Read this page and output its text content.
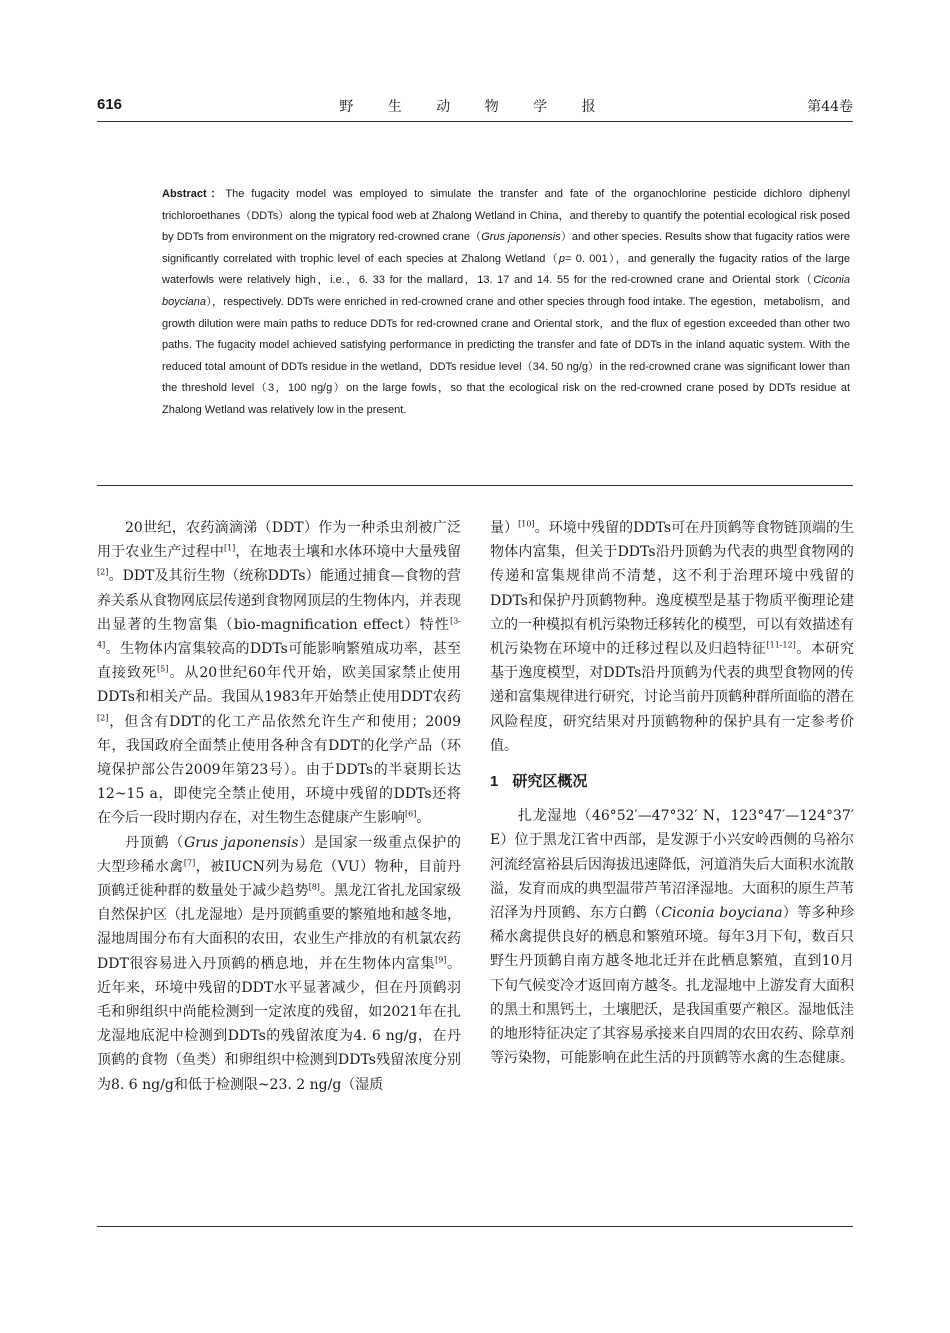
616	野 生 动 物 学 报	第44卷
Abstract：The fugacity model was employed to simulate the transfer and fate of the organochlorine pesticide dichloro diphenyl trichloroethanes（DDTs）along the typical food web at Zhalong Wetland in China，and thereby to quantify the potential ecological risk posed by DDTs from environment on the migratory red-crowned crane（Grus japonensis）and other species. Results show that fugacity ratios were significantly correlated with trophic level of each species at Zhalong Wetland（p= 0. 001），and generally the fugacity ratios of the large waterfowls were relatively high，i.e.，6. 33 for the mallard，13. 17 and 14. 55 for the red-crowned crane and Oriental stork（Ciconia boyciana），respectively. DDTs were enriched in red-crowned crane and other species through food intake. The egestion，metabolism，and growth dilution were main paths to reduce DDTs for red-crowned crane and Oriental stork，and the flux of egestion exceeded than other two paths. The fugacity model achieved satisfying performance in predicting the transfer and fate of DDTs in the inland aquatic system. With the reduced total amount of DDTs residue in the wetland，DDTs residue level（34. 50 ng/g）in the red-crowned crane was significant lower than the threshold level（3，100 ng/g）on the large fowls，so that the ecological risk on the red-crowned crane posed by DDTs residue at Zhalong Wetland was relatively low in the present.

20世纪，农药滴滴涕（DDT）作为一种杀虫剂被广泛用于农业生产过程中[1]，在地表土壤和水体环境中大量残留[2]。DDT及其衍生物（统称DDTs）能通过捕食—食物的营养关系从食物网底层传递到食物网顶层的生物体内，并表现出显著的生物富集（bio-magnification effect）特性[3-4]。生物体内富集较高的DDTs可能影响繁殖成功率，甚至直接致死[5]。从20世纪60年代开始，欧美国家禁止使用DDTs和相关产品。我国从1983年开始禁止使用DDT农药[2]，但含有DDT的化工产品依然允许生产和使用；2009年，我国政府全面禁止使用各种含有DDT的化学产品（环境保护部公告2009年第23号）。由于DDTs的半衰期长达12~15 a，即使完全禁止使用，环境中残留的DDTs还将在今后一段时期内存在，对生物生态健康产生影响[6]。

丹顶鹤（Grus japonensis）是国家一级重点保护的大型珍稀水禽[7]，被IUCN列为易危（VU）物种，目前丹顶鹤迁徙种群的数量处于减少趋势[8]。黑龙江省扎龙国家级自然保护区（扎龙湿地）是丹顶鹤重要的繁殖地和越冬地，湿地周围分布有大面积的农田，农业生产排放的有机氯农药DDT很容易进入丹顶鹤的栖息地，并在生物体内富集[9]。近年来，环境中残留的DDT水平显著减少，但在丹顶鹤羽毛和卵组织中尚能检测到一定浓度的残留，如2021年在扎龙湿地底泥中检测到DDTs的残留浓度为4. 6 ng/g，在丹顶鹤的食物（鱼类）和卵组织中检测到DDTs残留浓度分别为8. 6 ng/g和低于检测限~23. 2 ng/g（湿质

量）[10]。环境中残留的DDTs可在丹顶鹤等食物链顶端的生物体内富集，但关于DDTs沿丹顶鹤为代表的典型食物网的传递和富集规律尚不清楚，这不利于治理环境中残留的DDTs和保护丹顶鹤物种。逸度模型是基于物质平衡理论建立的一种模拟有机污染物迁移转化的模型，可以有效描述有机污染物在环境中的迁移过程以及归趋特征[11-12]。本研究基于逸度模型，对DDTs沿丹顶鹤为代表的典型食物网的传递和富集规律进行研究，讨论当前丹顶鹤种群所面临的潜在风险程度，研究结果对丹顶鹤物种的保护具有一定参考价值。

1 研究区概况

扎龙湿地（46°52′—47°32′ N，123°47′—124°37′ E）位于黑龙江省中西部，是发源于小兴安岭西侧的乌裕尔河流经富裕县后因海拔迅速降低，河道消失后大面积水流散溢，发育而成的典型温带芦苇沼泽湿地。大面积的原生芦苇沼泽为丹顶鹤、东方白鹳（Ciconia boyciana）等多种珍稀水禽提供良好的栖息和繁殖环境。每年3月下旬，数百只野生丹顶鹤自南方越冬地北迁并在此栖息繁殖，直到10月下旬气候变冷才返回南方越冬。扎龙湿地中上游发育大面积的黑土和黑钙土，土壤肥沃，是我国重要产粮区。湿地低洼的地形特征决定了其容易承接来自四周的农田农药、除草剂等污染物，可能影响在此生活的丹顶鹤等水禽的生态健康。
